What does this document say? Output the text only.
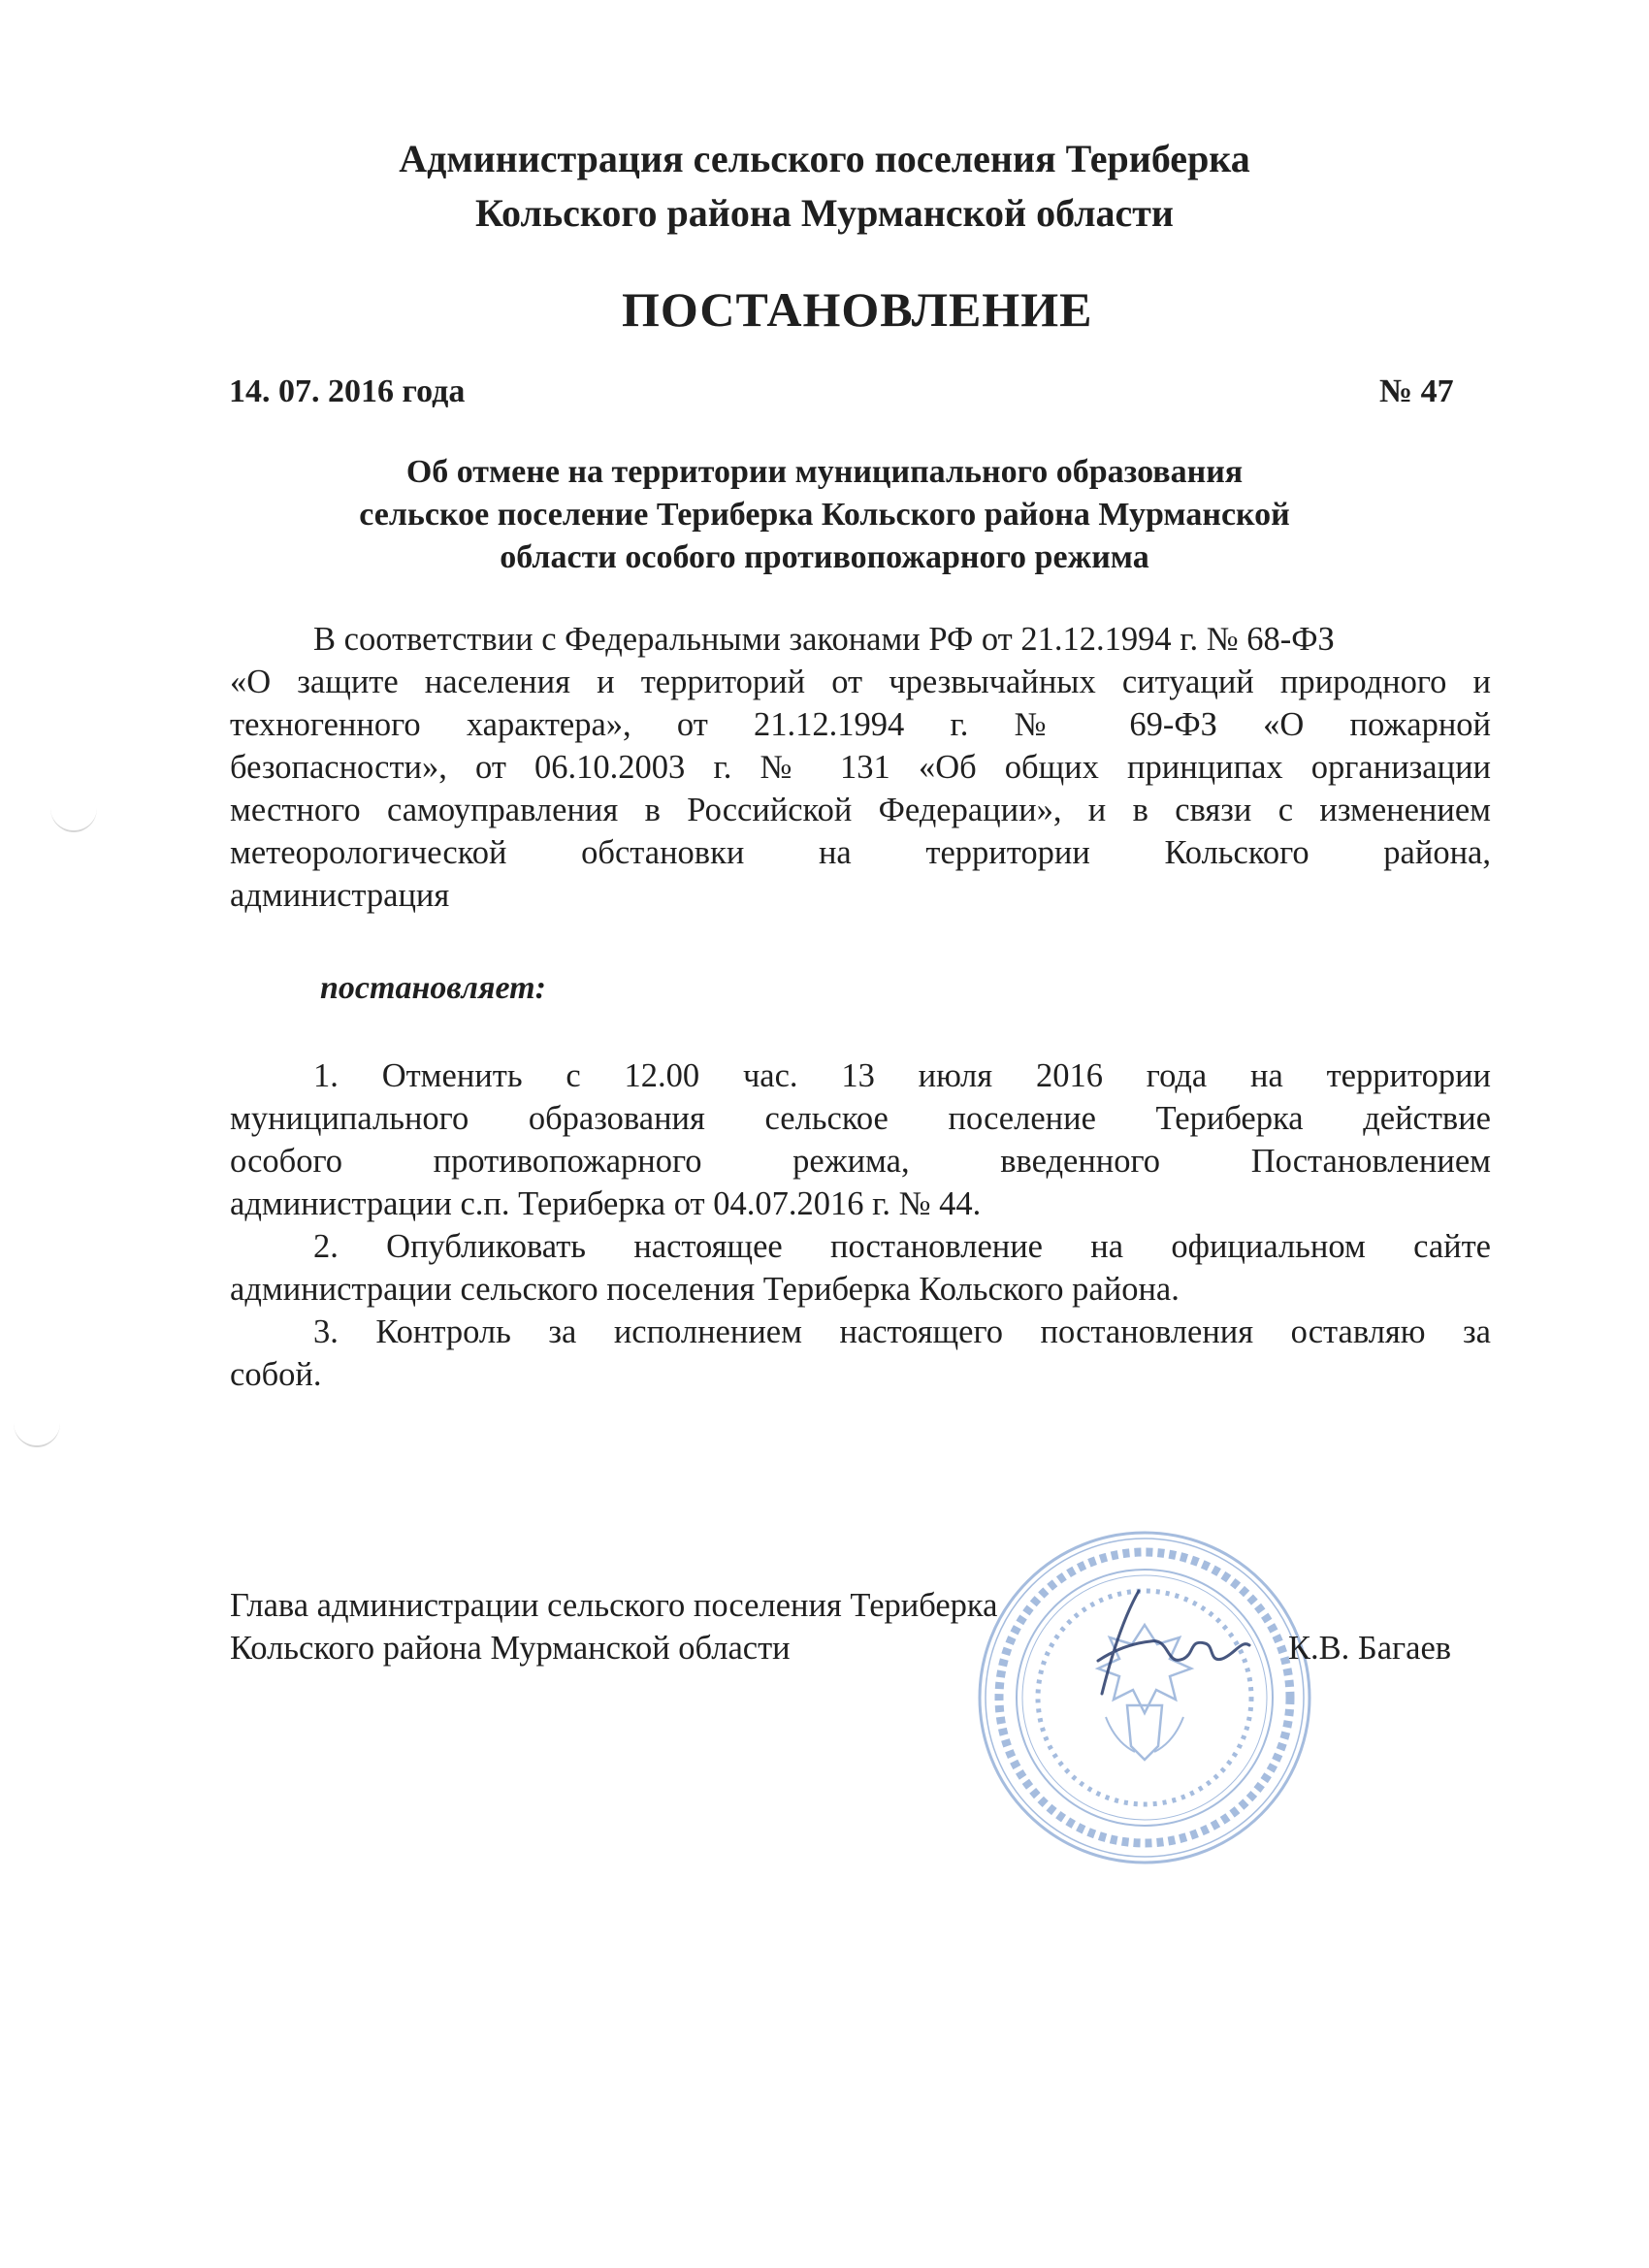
Администрация сельского поселения Териберка
Кольского района Мурманской области
ПОСТАНОВЛЕНИЕ
14. 07. 2016 года	№ 47
Об отмене на территории муниципального образования
сельское поселение Териберка Кольского района Мурманской
области особого противопожарного режима
В соответствии с Федеральными законами РФ от 21.12.1994 г. № 68-ФЗ
«О защите населения и территорий от чрезвычайных ситуаций природного и
техногенного характера», от 21.12.1994 г. № 69-ФЗ «О пожарной
безопасности», от 06.10.2003 г. № 131 «Об общих принципах организации
местного самоуправления в Российской Федерации», и в связи с изменением
метеорологической обстановки на территории Кольского района,
администрация
постановляет:
1. Отменить с 12.00 час. 13 июля 2016 года на территории
муниципального образования сельское поселение Териберка действие
особого противопожарного режима, введенного Постановлением
администрации с.п. Териберка от 04.07.2016 г. № 44.
2. Опубликовать настоящее постановление на официальном сайте
администрации сельского поселения Териберка Кольского района.
3. Контроль за исполнением настоящего постановления оставляю за
собой.
Глава администрации сельского поселения Териберка
Кольского района Мурманской области	К.В. Багаев
